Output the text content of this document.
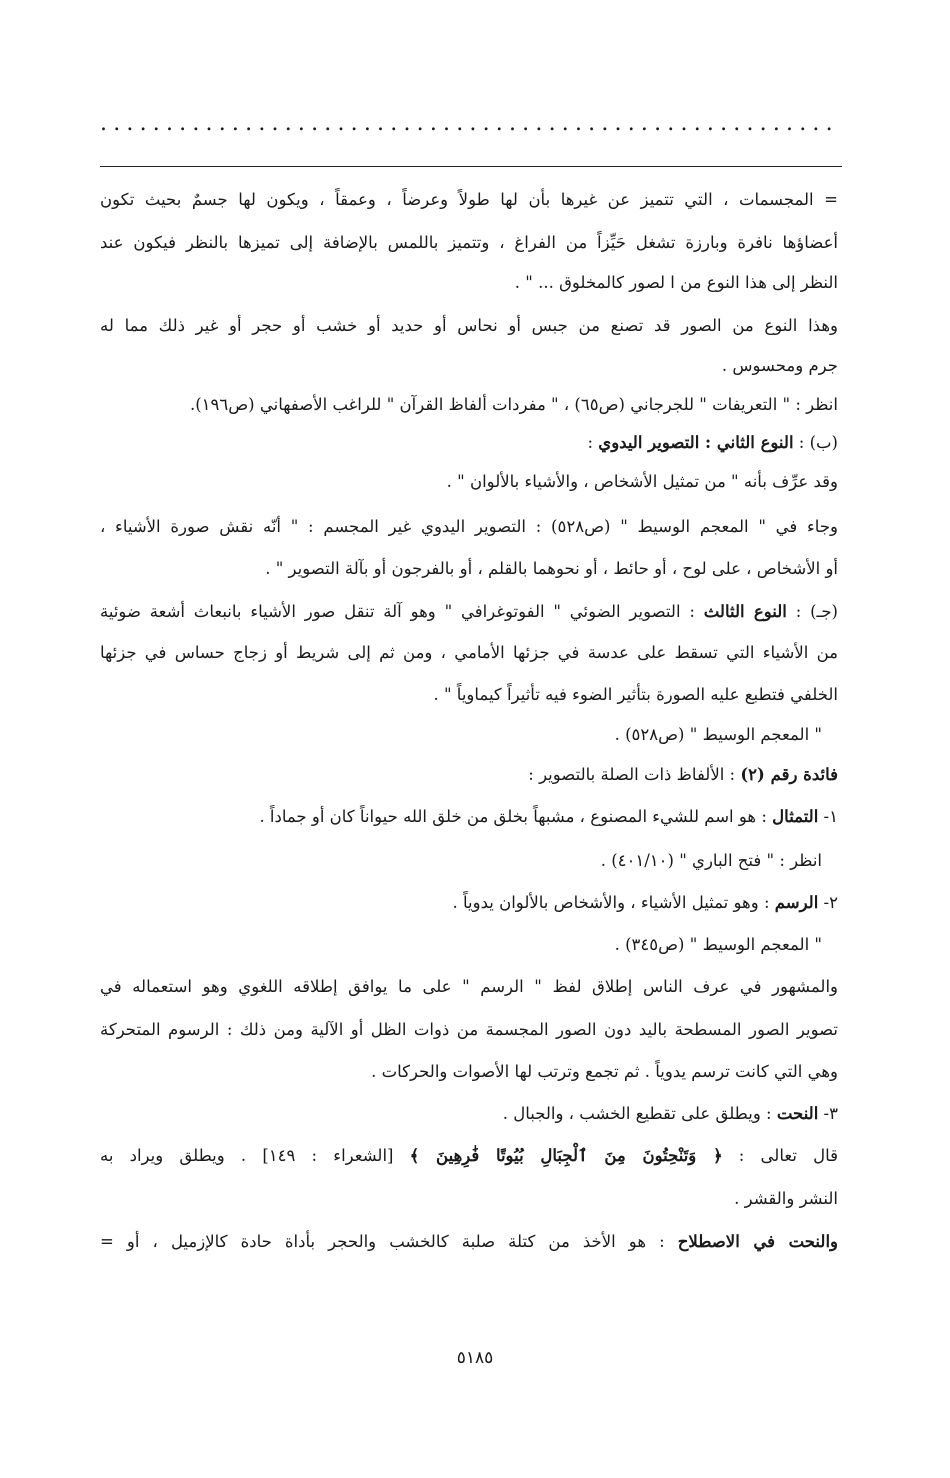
........................................................
= المجسمات ، التي تتميز عن غيرها بأن لها طولاً وعرضاً ، وعمقاً ، ويكون لها جسمٌ بحيث تكون
أعضاؤها نافرة وبارزة تشغل حَيِّزاً من الفراغ ، وتتميز باللمس بالإضافة إلى تميزها بالنظر فيكون عند
النظر إلى هذا النوع من ا لصور كالمخلوق ... " .
وهذا النوع من الصور قد تصنع من جبس أو نحاس أو حديد أو خشب أو حجر أو غير ذلك مما له
جرم ومحسوس .
انظر : " التعريفات " للجرجاني (ص٦٥) ، " مفردات ألفاظ القرآن " للراغب الأصفهاني (ص١٩٦).
(ب) : النوع الثاني : التصوير اليدوي :
وقد عرِّف بأنه " من تمثيل الأشخاص ، والأشياء بالألوان " .
وجاء في " المعجم الوسيط " (ص٥٢٨) : التصوير اليدوي غير المجسم : " أنّه نقش صورة الأشياء ،
أو الأشخاص ، على لوح ، أو حائط ، أو نحوهما بالقلم ، أو بالفرجون أو بآلة التصوير " .
(جـ) : النوع الثالث : التصوير الضوئي " الفوتوغرافي " وهو آلة تنقل صور الأشياء بانبعاث أشعة ضوئية
من الأشياء التي تسقط على عدسة في جزئها الأمامي ، ومن ثم إلى شريط أو زجاج حساس في جزئها
الخلفي فتطبع عليه الصورة بتأثير الضوء فيه تأثيراً كيماوياً " .
" المعجم الوسيط " (ص٥٢٨) .
فائدة رقم (٢) : الألفاظ ذات الصلة بالتصوير :
١- التمثال : هو اسم للشيء المصنوع ، مشبهاً بخلق من خلق الله حيواناً كان أو جماداً .
انظر : " فتح الباري " (٤٠١/١٠) .
٢- الرسم : وهو تمثيل الأشياء ، والأشخاص بالألوان يدوياً .
" المعجم الوسيط " (ص٣٤٥) .
والمشهور في عرف الناس إطلاق لفظ " الرسم " على ما يوافق إطلاقه اللغوي وهو استعماله في
تصوير الصور المسطحة باليد دون الصور المجسمة من ذوات الظل أو الآلية ومن ذلك : الرسوم المتحركة
وهي التي كانت ترسم يدوياً . ثم تجمع وترتب لها الأصوات والحركات .
٣- النحت : ويطلق على تقطيع الخشب ، والجبال .
قال تعالى : ﴿ وَتَنْحِتُونَ مِنَ ٱلْجِبَالِ بُيُوتًا فَٰرِهِينَ ﴾ [الشعراء : ١٤٩] . ويطلق ويراد به
النشر والقشر .
والنحت في الاصطلاح : هو الأخذ من كتلة صلبة كالخشب والحجر بأداة حادة كالإزميل ، أو =
٥١٨٥
